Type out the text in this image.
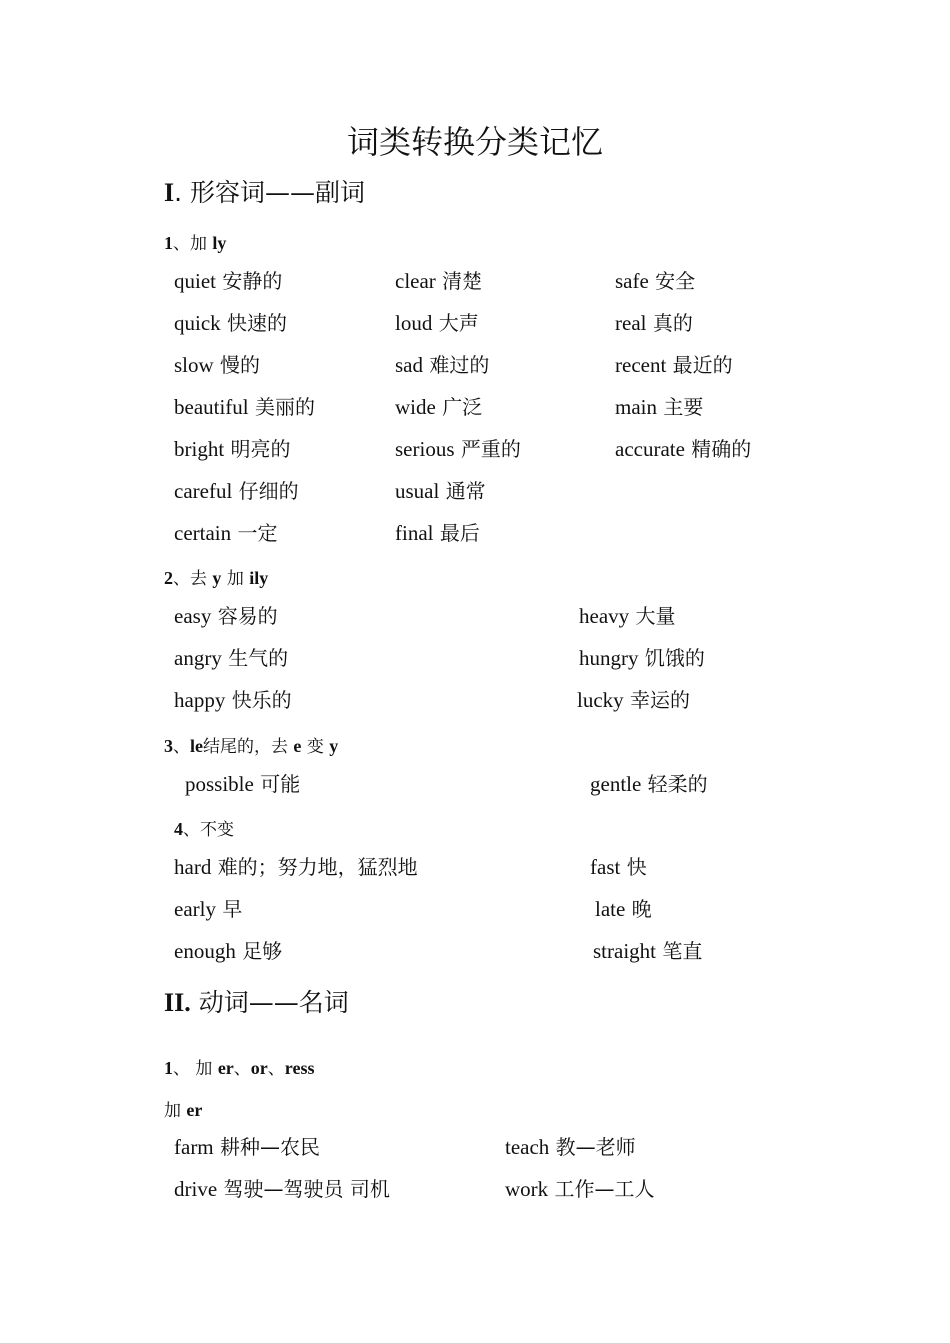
词类转换分类记忆
I. 形容词——副词
1、加 ly
quiet 安静的	clear 清楚	safe 安全
quick 快速的	loud 大声	real 真的
slow 慢的	sad 难过的	recent 最近的
beautiful 美丽的	wide 广泛	main 主要
bright 明亮的	serious 严重的	accurate 精确的
careful 仔细的	usual 通常
certain 一定	final 最后
2、去 y 加 ily
easy 容易的	heavy 大量
angry 生气的	hungry 饥饿的
happy 快乐的	lucky 幸运的
3、le结尾的，去 e 变 y
possible 可能	gentle 轻柔的
4、不变
hard 难的；努力地，猛烈地	fast 快
early 早	late 晚
enough 足够	straight 笔直
II. 动词——名词
1、 加 er、or、ress
加 er
farm 耕种—农民	teach 教—老师
drive 驾驶—驾驶员 司机	work 工作—工人
